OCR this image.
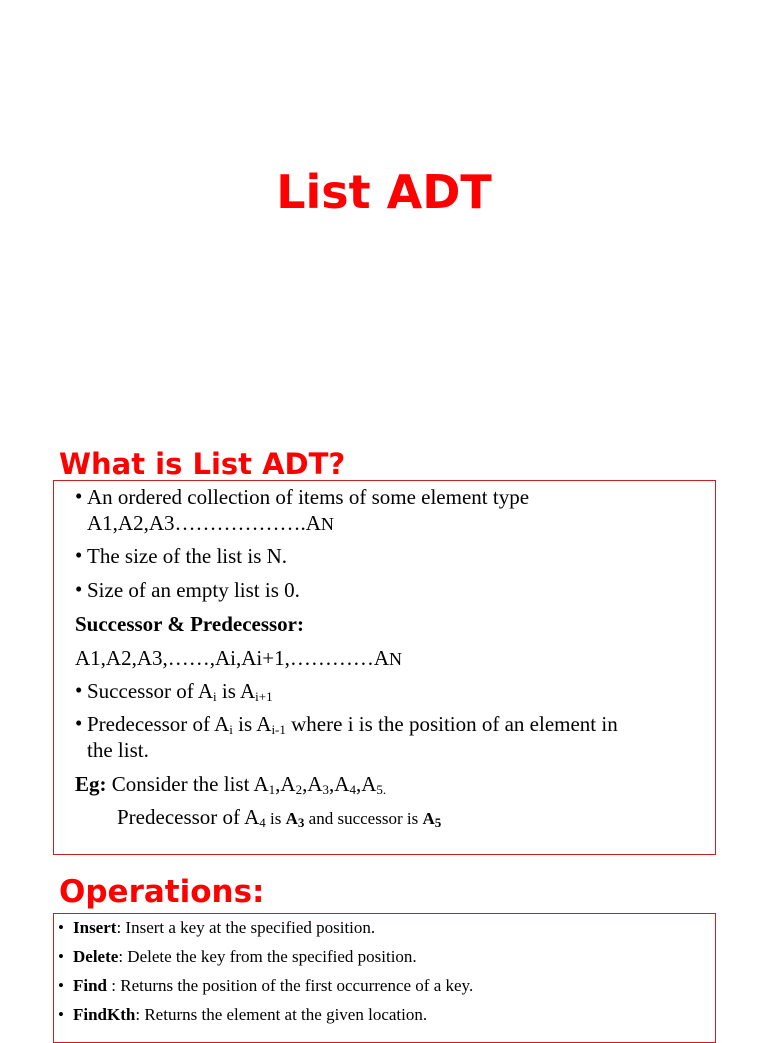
List ADT
What is List ADT?
• An ordered collection of items of some element type

A1,A2,A3……………….AN

• The size of the list is N.

• Size of an empty list is 0.

Successor & Predecessor:

A1,A2,A3,……,Ai,Ai+1,…………AN

• Successor of $A_i$ is $A_{i+1}$

• Predecessor of $A_i$ is $A_{i-1}$ where i is the position of an element in

the list.

Eg: Consider the list $A_1,A_2,A_3,A_4,A_{5.}$

Predecessor of $A_4$ is $A_3$ and successor is $A_5$

Operations:
• Insert: Insert a key at the specified position.

• Delete: Delete the key from the specified position.

• Find : Returns the position of the first occurrence of a key.

• FindKth: Returns the element at the given location.
